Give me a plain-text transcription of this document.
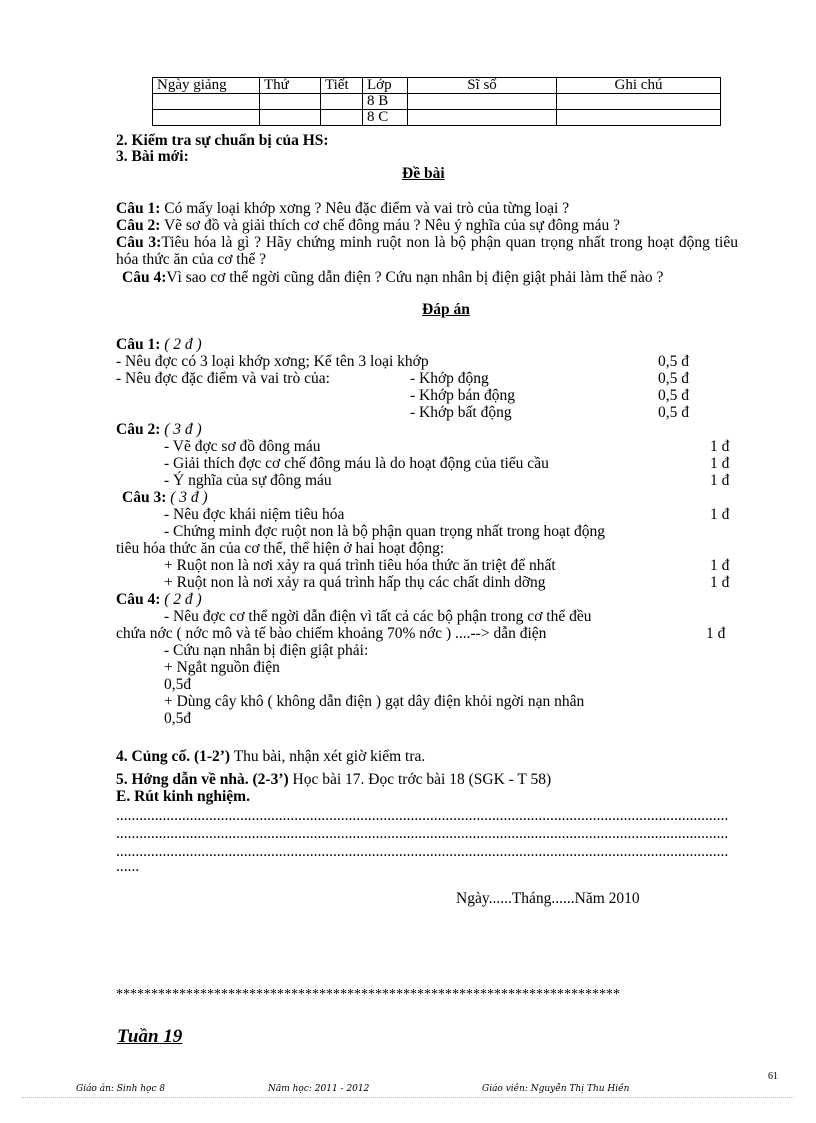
Ngày giảng	Thứ	Tiết	Lớp	Sĩ số	Ghi chú
			8 B		
			8 C		
2. Kiểm tra sự chuẩn bị của HS:
3. Bài mới:
Đề bài
Câu 1: Có mấy loại khớp xơng ? Nêu đặc điểm và vai trò của từng loại ?
Câu 2: Vẽ sơ đồ và giải thích cơ chế đông máu ? Nêu ý nghĩa của sự đông máu ?
Câu 3:Tiêu hóa là gì ? Hãy chứng minh ruột non là bộ phận quan trọng nhất trong hoạt động tiêu hóa thức ăn của cơ thể ?
Câu 4:Vì sao cơ thể ngời cũng dẫn điện ? Cứu nạn nhân bị điện giật phải làm thế nào ?
Đáp án
Câu 1: ( 2 đ )
- Nêu đợc có 3 loại khớp xơng; Kể tên 3 loại khớp	0,5 đ
- Nêu đợc đặc điểm và vai trò của:	- Khớp động	0,5 đ
- Khớp bán động	0,5 đ
- Khớp bất động	0,5 đ
Câu 2: ( 3 đ )
- Vẽ đợc sơ đồ đông máu	1 đ
- Giải thích đợc cơ chế đông máu là do hoạt động của tiểu cầu	1 đ
- Ý nghĩa của sự đông máu	1 đ
Câu 3: ( 3 đ )
- Nêu đợc khái niệm tiêu hóa	1 đ
- Chứng minh đợc ruột non là bộ phận quan trọng nhất trong hoạt động
tiêu hóa thức ăn của cơ thể, thể hiện ở hai hoạt động:
+ Ruột non là nơi xảy ra quá trình tiêu hóa thức ăn triệt để nhất	1 đ
+ Ruột non là nơi xảy ra quá trình hấp thụ các chất dinh dỡng	1 đ
Câu 4: ( 2 đ )
- Nêu đợc cơ thể ngời dẫn điện vì tất cả các bộ phận trong cơ thể đều
chứa nớc ( nớc mô và tế bào chiếm khoảng 70% nớc ) ....--> dẫn điện	1 đ
- Cứu nạn nhân bị điện giật phải:
+ Ngắt nguồn điện
0,5đ
+ Dùng cây khô ( không dẫn điện ) gạt dây điện khỏi ngời nạn nhân
0,5đ
4. Củng cố. (1-2’) Thu bài, nhận xét giờ kiểm tra.
5. Hớng dẫn về nhà. (2-3’) Học bài 17. Đọc trớc bài 18 (SGK - T 58)
E. Rút kinh nghiệm.
..............................................................................................................................................................
..............................................................................................................................................................
..............................................................................................................................................................
......
Ngày......Tháng......Năm 2010
************************************************************************
Tuần 19
61
Giáo án: Sinh học 8	Năm học: 2011 - 2012	Giáo viên: Nguyễn Thị Thu Hiền
